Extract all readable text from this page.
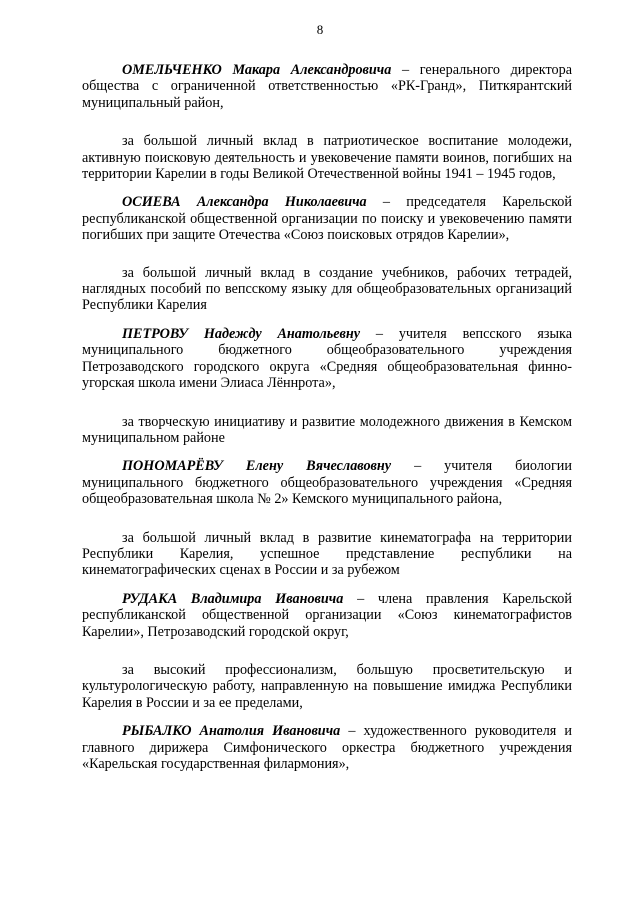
8

ОМЕЛЬЧЕНКО Макара Александровича – генерального директора общества с ограниченной ответственностью «РК-Гранд», Питкярантский муниципальный район,

за большой личный вклад в патриотическое воспитание молодежи, активную поисковую деятельность и увековечение памяти воинов, погибших на территории Карелии в годы Великой Отечественной войны 1941 – 1945 годов,

ОСИЕВА Александра Николаевича – председателя Карельской республиканской общественной организации по поиску и увековечению памяти погибших при защите Отечества «Союз поисковых отрядов Карелии»,

за большой личный вклад в создание учебников, рабочих тетрадей, наглядных пособий по вепсскому языку для общеобразовательных организаций Республики Карелия

ПЕТРОВУ Надежду Анатольевну – учителя вепсского языка муниципального бюджетного общеобразовательного учреждения Петрозаводского городского округа «Средняя общеобразовательная финно-угорская школа имени Элиаса Лённрота»,

за творческую инициативу и развитие молодежного движения в Кемском муниципальном районе

ПОНОМАРЁВУ Елену Вячеславовну – учителя биологии муниципального бюджетного общеобразовательного учреждения «Средняя общеобразовательная школа № 2» Кемского муниципального района,

за большой личный вклад в развитие кинематографа на территории Республики Карелия, успешное представление республики на кинематографических сценах в России и за рубежом

РУДАКА Владимира Ивановича – члена правления Карельской республиканской общественной организации «Союз кинематографистов Карелии», Петрозаводский городской округ,

за высокий профессионализм, большую просветительскую и культурологическую работу, направленную на повышение имиджа Республики Карелия в России и за ее пределами,

РЫБАЛКО Анатолия Ивановича – художественного руководителя и главного дирижера Симфонического оркестра бюджетного учреждения «Карельская государственная филармония»,
